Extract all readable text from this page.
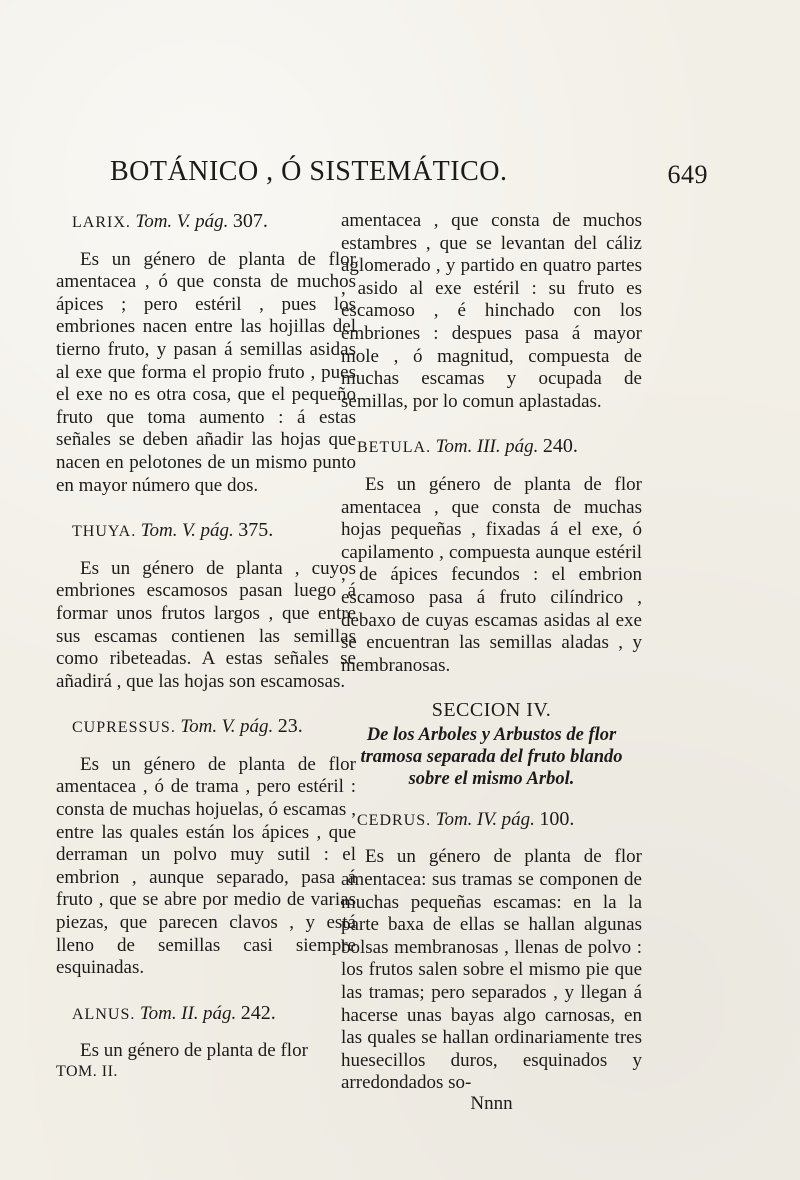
BOTÁNICO , Ó SISTEMÁTICO.	649
LARIX. Tom. V. pág. 307.

Es un género de planta de flor amentacea , ó que consta de muchos ápices ; pero estéril , pues los embriones nacen entre las hojillas del tierno fruto, y pasan á semillas asidas al exe que forma el propio fruto , pues el exe no es otra cosa, que el pequeño fruto que toma aumento : á estas señales se deben añadir las hojas que nacen en pelotones de un mismo punto en mayor número que dos.

THUYA. Tom. V. pág. 375.

Es un género de planta , cuyos embriones escamosos pasan luego á formar unos frutos largos , que entre sus escamas contienen las semillas como ribeteadas. A estas señales se añadirá , que las hojas son escamosas.

CUPRESSUS. Tom. V. pág. 23.

Es un género de planta de flor amentacea , ó de trama , pero estéril : consta de muchas hojuelas, ó escamas , entre las quales están los ápices , que derraman un polvo muy sutil : el embrion , aunque separado, pasa á fruto , que se abre por medio de varias piezas, que parecen clavos , y está lleno de semillas casi siempre esquinadas.

ALNUS. Tom. II. pág. 242.

Es un género de planta de flor

TOM. II.

amentacea , que consta de muchos estambres , que se levantan del cáliz aglomerado , y partido en quatro partes , asido al exe estéril : su fruto es escamoso , é hinchado con los embriones : despues pasa á mayor mole , ó magnitud, compuesta de muchas escamas y ocupada de semillas, por lo comun aplastadas.

BETULA. Tom. III. pág. 240.

Es un género de planta de flor amentacea , que consta de muchas hojas pequeñas , fixadas á el exe, ó capilamento , compuesta aunque estéril , de ápices fecundos : el embrion escamoso pasa á fruto cilíndrico , debaxo de cuyas escamas asidas al exe se encuentran las semillas aladas , y membranosas.

SECCION IV.
De los Arboles y Arbustos de flor tramosa separada del fruto blando sobre el mismo Arbol.
CEDRUS. Tom. IV. pág. 100.

Es un género de planta de flor amentacea: sus tramas se componen de muchas pequeñas escamas: en la la parte baxa de ellas se hallan algunas bolsas membranosas , llenas de polvo : los frutos salen sobre el mismo pie que las tramas; pero separados , y llegan á hacerse unas bayas algo carnosas, en las quales se hallan ordinariamente tres huesecillos duros, esquinados y arredondados so-

Nnnn
